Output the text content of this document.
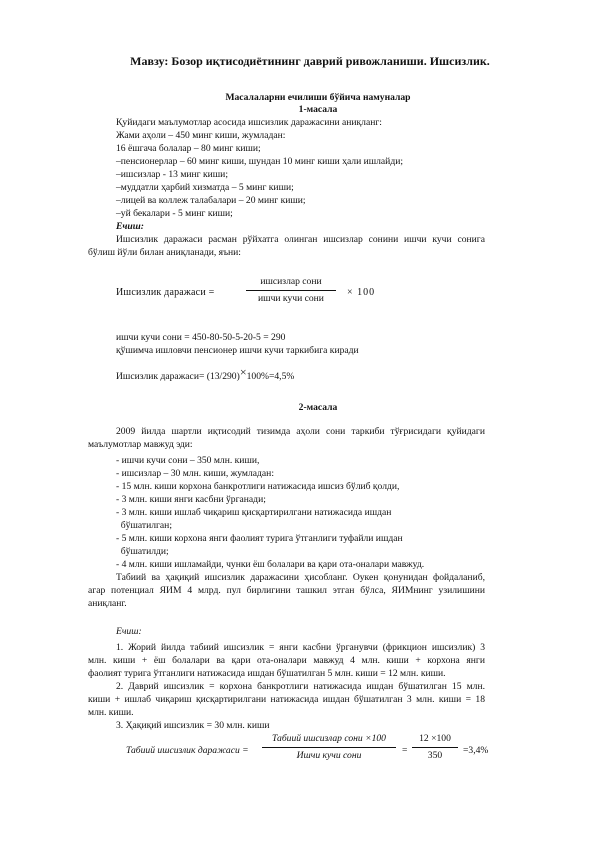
Мавзу: Бозор иқтисодиётининг даврий ривожланиши. Ишсизлик.
Масалаларни ечилиши бўйича намуналар
1-масала
Қуйидаги маълумотлар асосида ишсизлик даражасини аниқланг:
Жами аҳоли – 450 минг киши, жумладан:
16 ёшгача болалар – 80 минг киши;
–пенсионерлар – 60 минг киши, шундан 10 минг киши ҳали ишлайди;
–ишсизлар - 13 минг киши;
–муддатли ҳарбий хизматда – 5 минг киши;
–лицей ва коллеж талабалари – 20 минг киши;
–уй бекалари - 5 минг киши;
Ечиш:
Ишсизлик даражаси расман рўйхатга олинган ишсизлар сонини ишчи кучи сонига
бўлиш йўли билан аниқланади, яъни:
Ишсизлик даражаси =
ишсизлар сони
ишчи кучи сони
× 100
ишчи кучи сони = 450-80-50-5-20-5 = 290
қўшимча ишловчи пенсионер ишчи кучи таркибига киради
Ишсизлик даражаси= (13/290)×100%=4,5%
2-масала
2009 йилда шартли иқтисодий тизимда аҳоли сони таркиби тўғрисидаги қуйидаги
маълумотлар мавжуд эди:
- ишчи кучи сони – 350 млн. киши,
- ишсизлар – 30 млн. киши, жумладан:
- 15 млн. киши корхона банкротлиги натижасида ишсиз бўлиб қолди,
- 3 млн. киши янги касбни ўрганади;
- 3 млн. киши ишлаб чиқариш қисқартирилгани натижасида ишдан
бўшатилган;
- 5 млн. киши корхона янги фаолият турига ўтганлиги туфайли ишдан
бўшатилди;
- 4 млн. киши ишламайди, чунки ёш болалари ва қари ота-оналари мавжуд.
Табиий ва ҳақиқий ишсизлик даражасини ҳисобланг. Оукен қонунидан фойдаланиб,
агар потенциал ЯИМ 4 млрд. пул бирлигини ташкил этган бўлса, ЯИМнинг узилишини
аниқланг.
Ечиш:
1. Жорий йилда табиий ишсизлик = янги касбни ўрганувчи (фрикцион ишсизлик) 3
млн. киши + ёш болалари ва қари ота-оналари мавжуд 4 млн. киши + корхона янги
фаолият турига ўтганлиги натижасида ишдан бўшатилган 5 млн. киши = 12 млн. киши.
2. Даврий ишсизлик = корхона банкротлиги натижасида ишдан бўшатилган 15 млн.
киши + ишлаб чиқариш қисқартирилгани натижасида ишдан бўшатилган 3 млн. киши = 18
млн. киши.
3. Ҳақиқий ишсизлик = 30 млн. киши
Табиий ишсизлик даражаси =
Табиий ишсизлар сони ×100
Ишчи кучи сони	=
12 ×100
350	=3,4%
